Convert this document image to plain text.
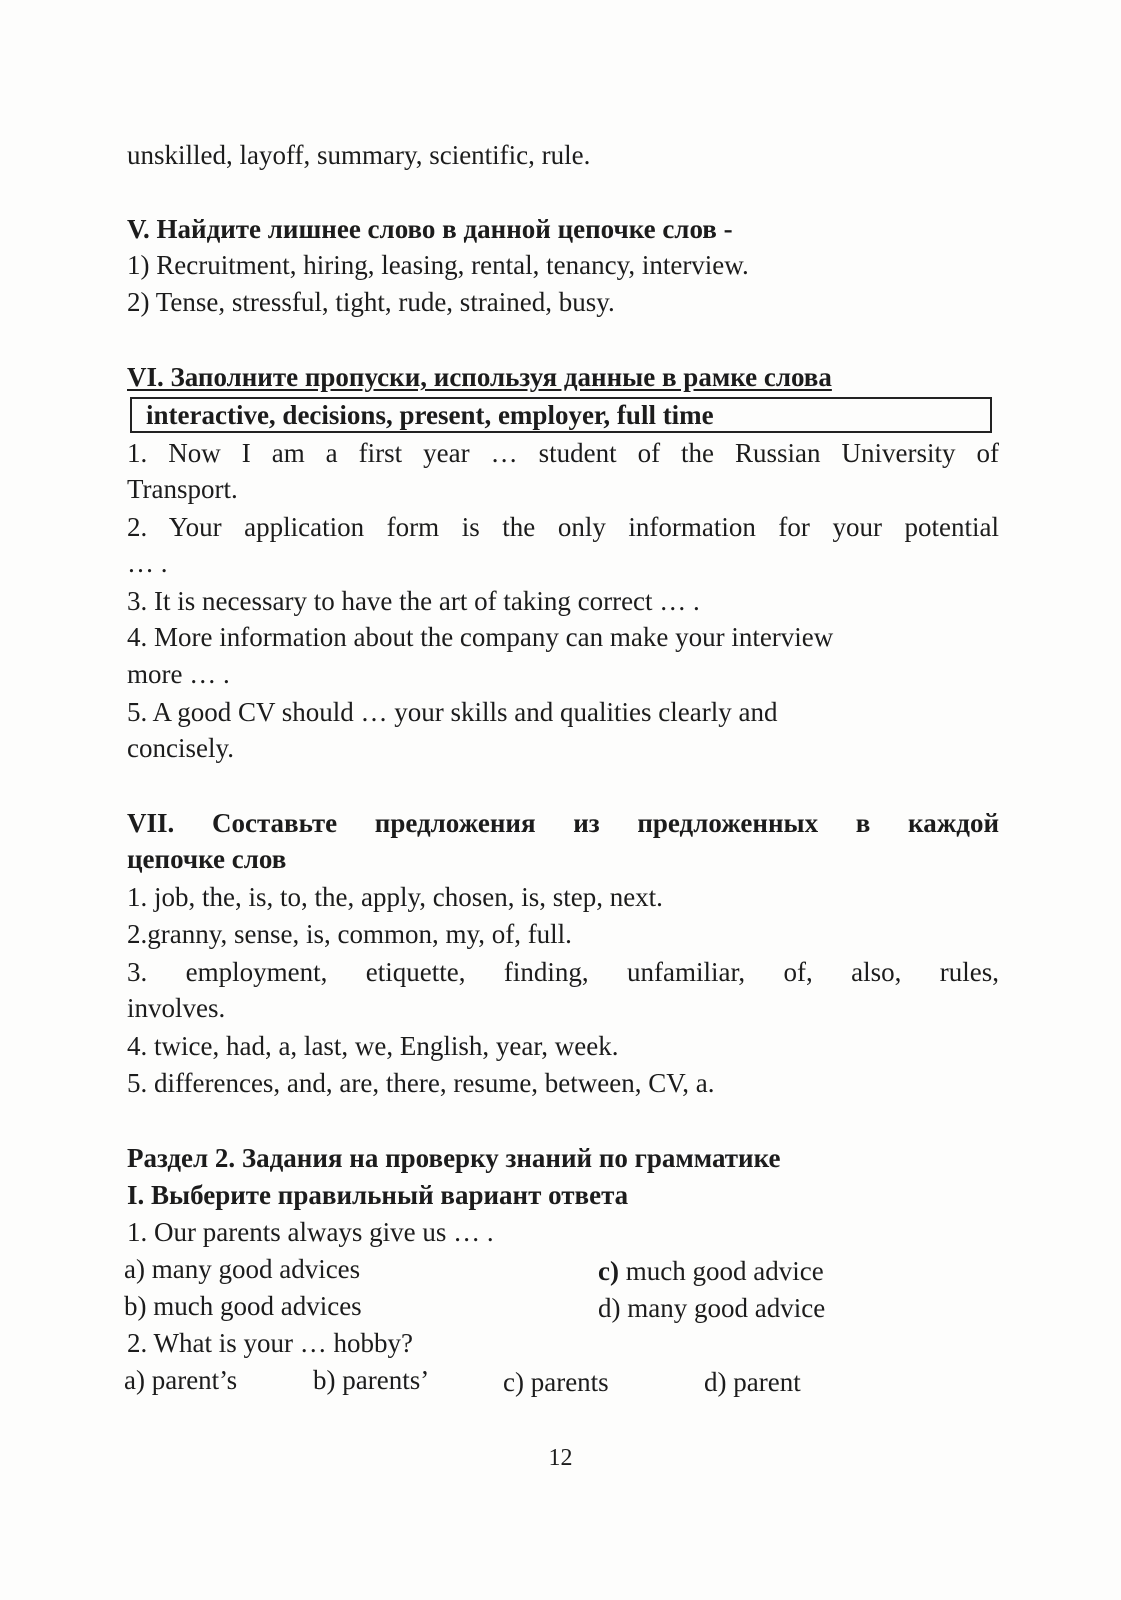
unskilled, layoff, summary, scientific, rule.
V. Найдите лишнее слово в данной цепочке слов -
1) Recruitment, hiring, leasing, rental, tenancy, interview.
2) Tense, stressful, tight, rude, strained, busy.
VI. Заполните пропуски, используя данные в рамке слова
interactive, decisions, present, employer, full time
1. Now I am a first year … student of the Russian University of
Transport.
2. Your application form is the only information for your potential
… .
3. It is necessary to have the art of taking correct … .
4. More information about the company can make your interview
more … .
5. A good CV should … your skills and qualities clearly and
concisely.
VII. Составьте предложения из предложенных в каждой
цепочке слов
1. job, the, is, to, the, apply, chosen, is, step, next.
2.granny, sense, is, common, my, of, full.
3. employment, etiquette, finding, unfamiliar, of, also, rules,
involves.
4. twice, had, a, last, we, English, year, week.
5. differences, and, are, there, resume, between, CV, a.
Раздел 2. Задания на проверку знаний по грамматике
I. Выберите правильный вариант ответа
1. Our parents always give us … .
a) many good advices	c) much good advice
b) much good advices	d) many good advice
2. What is your … hobby?
a) parent’s	b) parents’	c) parents	d) parent
12
